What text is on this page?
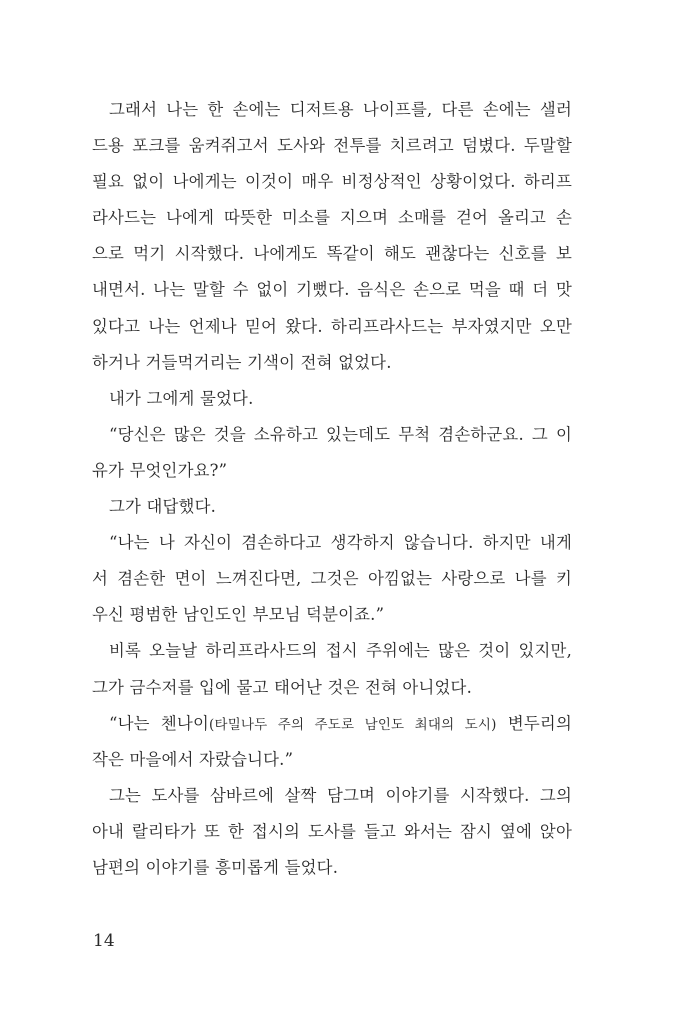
그래서 나는 한 손에는 디저트용 나이프를, 다른 손에는 샐러
드용 포크를 움켜쥐고서 도사와 전투를 치르려고 덤볐다. 두말할
필요 없이 나에게는 이것이 매우 비정상적인 상황이었다. 하리프
라사드는 나에게 따뜻한 미소를 지으며 소매를 걷어 올리고 손
으로 먹기 시작했다. 나에게도 똑같이 해도 괜찮다는 신호를 보
내면서. 나는 말할 수 없이 기뻤다. 음식은 손으로 먹을 때 더 맛
있다고 나는 언제나 믿어 왔다. 하리프라사드는 부자였지만 오만
하거나 거들먹거리는 기색이 전혀 없었다.
내가 그에게 물었다.
“당신은 많은 것을 소유하고 있는데도 무척 겸손하군요. 그 이
유가 무엇인가요?”
그가 대답했다.
“나는 나 자신이 겸손하다고 생각하지 않습니다. 하지만 내게
서 겸손한 면이 느껴진다면, 그것은 아낌없는 사랑으로 나를 키
우신 평범한 남인도인 부모님 덕분이죠.”
비록 오늘날 하리프라사드의 접시 주위에는 많은 것이 있지만,
그가 금수저를 입에 물고 태어난 것은 전혀 아니었다.
“나는 첸나이(타밀나두 주의 주도로 남인도 최대의 도시) 변두리의
작은 마을에서 자랐습니다.”
그는 도사를 삼바르에 살짝 담그며 이야기를 시작했다. 그의
아내 랄리타가 또 한 접시의 도사를 들고 와서는 잠시 옆에 앉아
남편의 이야기를 흥미롭게 들었다.
14
